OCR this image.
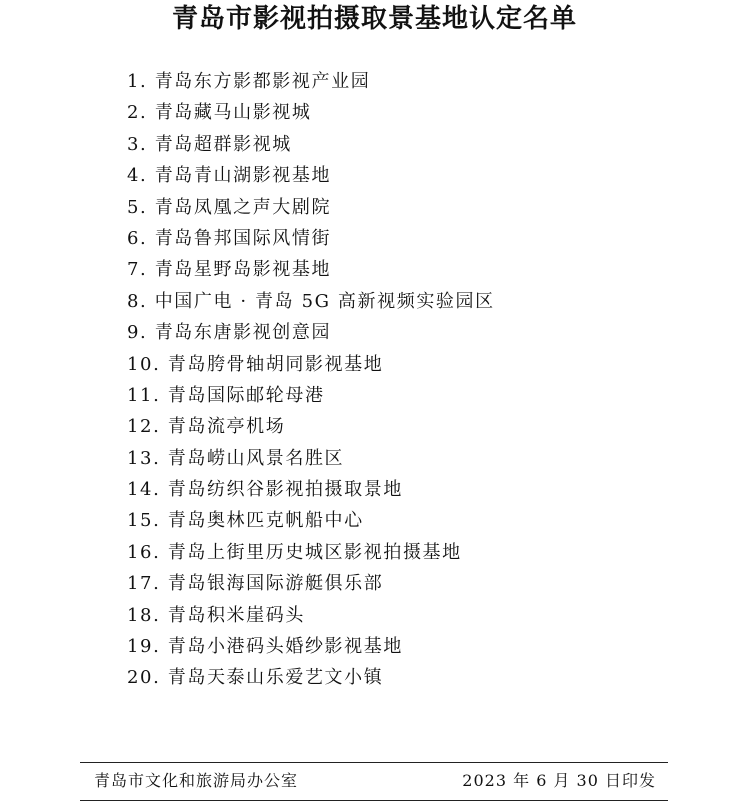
青岛市影视拍摄取景基地认定名单
1. 青岛东方影都影视产业园
2. 青岛藏马山影视城
3. 青岛超群影视城
4. 青岛青山湖影视基地
5. 青岛凤凰之声大剧院
6. 青岛鲁邦国际风情街
7. 青岛星野岛影视基地
8. 中国广电 · 青岛 5G 高新视频实验园区
9. 青岛东唐影视创意园
10. 青岛胯骨轴胡同影视基地
11. 青岛国际邮轮母港
12. 青岛流亭机场
13. 青岛崂山风景名胜区
14. 青岛纺织谷影视拍摄取景地
15. 青岛奥林匹克帆船中心
16. 青岛上街里历史城区影视拍摄基地
17. 青岛银海国际游艇俱乐部
18. 青岛积米崖码头
19. 青岛小港码头婚纱影视基地
20. 青岛天泰山乐爱艺文小镇
青岛市文化和旅游局办公室	2023 年 6 月 30 日印发
